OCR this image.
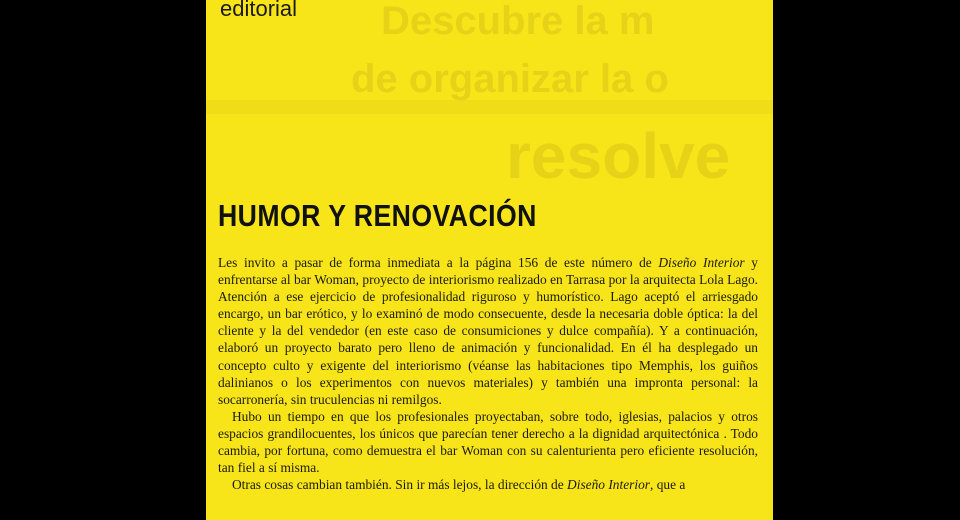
Descubre la m
de organizar la o
resolve
editorial
HUMOR Y RENOVACIÓN

Les invito a pasar de forma inmediata a la página 156 de este número de Diseño Interior y enfrentarse al bar Woman, proyecto de interiorismo realizado en Tarrasa por la arquitecta Lola Lago. Atención a ese ejercicio de profesionalidad riguroso y humorístico. Lago aceptó el arriesgado encargo, un bar erótico, y lo examinó de modo consecuente, desde la necesaria doble óptica: la del cliente y la del vendedor (en este caso de consumiciones y dulce compañía). Y a continuación, elaboró un proyecto barato pero lleno de animación y funcionalidad. En él ha desplegado un concepto culto y exigente del interiorismo (véanse las habitaciones tipo Memphis, los guiños dalinianos o los experimentos con nuevos materiales) y también una impronta personal: la socarronería, sin truculencias ni remilgos.

Hubo un tiempo en que los profesionales proyectaban, sobre todo, iglesias, palacios y otros espacios grandilocuentes, los únicos que parecían tener derecho a la dignidad arquitectónica . Todo cambia, por fortuna, como demuestra el bar Woman con su calenturienta pero eficiente resolución, tan fiel a sí misma.

Otras cosas cambian también. Sin ir más lejos, la dirección de Diseño Interior, que a
